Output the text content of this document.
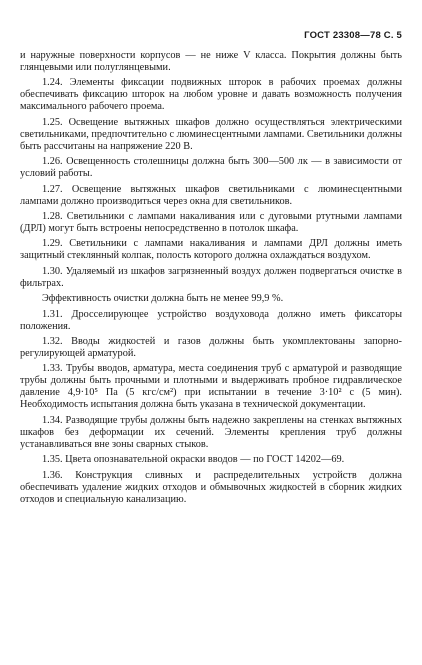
ГОСТ 23308—78 С. 5

и наружные поверхности корпусов — не ниже V класса. Покрытия должны быть глянцевыми или полуглянцевыми.

1.24. Элементы фиксации подвижных шторок в рабочих проемах должны обеспечивать фиксацию шторок на любом уровне и давать возможность получения максимального рабочего проема.

1.25. Освещение вытяжных шкафов должно осуществляться электрическими светильниками, предпочтительно с люминесцентными лампами. Светильники должны быть рассчитаны на напряжение 220 В.

1.26. Освещенность столешницы должна быть 300—500 лк — в зависимости от условий работы.

1.27. Освещение вытяжных шкафов светильниками с люминесцентными лампами должно производиться через окна для светильников.

1.28. Светильники с лампами накаливания или с дуговыми ртутными лампами (ДРЛ) могут быть встроены непосредственно в потолок шкафа.

1.29. Светильники с лампами накаливания и лампами ДРЛ должны иметь защитный стеклянный колпак, полость которого должна охлаждаться воздухом.

1.30. Удаляемый из шкафов загрязненный воздух должен подвергаться очистке в фильтрах.

Эффективность очистки должна быть не менее 99,9 %.

1.31. Дросселирующее устройство воздуховода должно иметь фиксаторы положения.

1.32. Вводы жидкостей и газов должны быть укомплектованы запорно-регулирующей арматурой.

1.33. Трубы вводов, арматура, места соединения труб с арматурой и разводящие трубы должны быть прочными и плотными и выдерживать пробное гидравлическое давление 4,9·10⁵ Па (5 кгс/см²) при испытании в течение 3·10² с (5 мин). Необходимость испытания должна быть указана в технической документации.

1.34. Разводящие трубы должны быть надежно закреплены на стенках вытяжных шкафов без деформации их сечений. Элементы крепления труб должны устанавливаться вне зоны сварных стыков.

1.35. Цвета опознавательной окраски вводов — по ГОСТ 14202—69.

1.36. Конструкция сливных и распределительных устройств должна обеспечивать удаление жидких отходов и обмывочных жидкостей в сборник жидких отходов и специальную канализацию.
